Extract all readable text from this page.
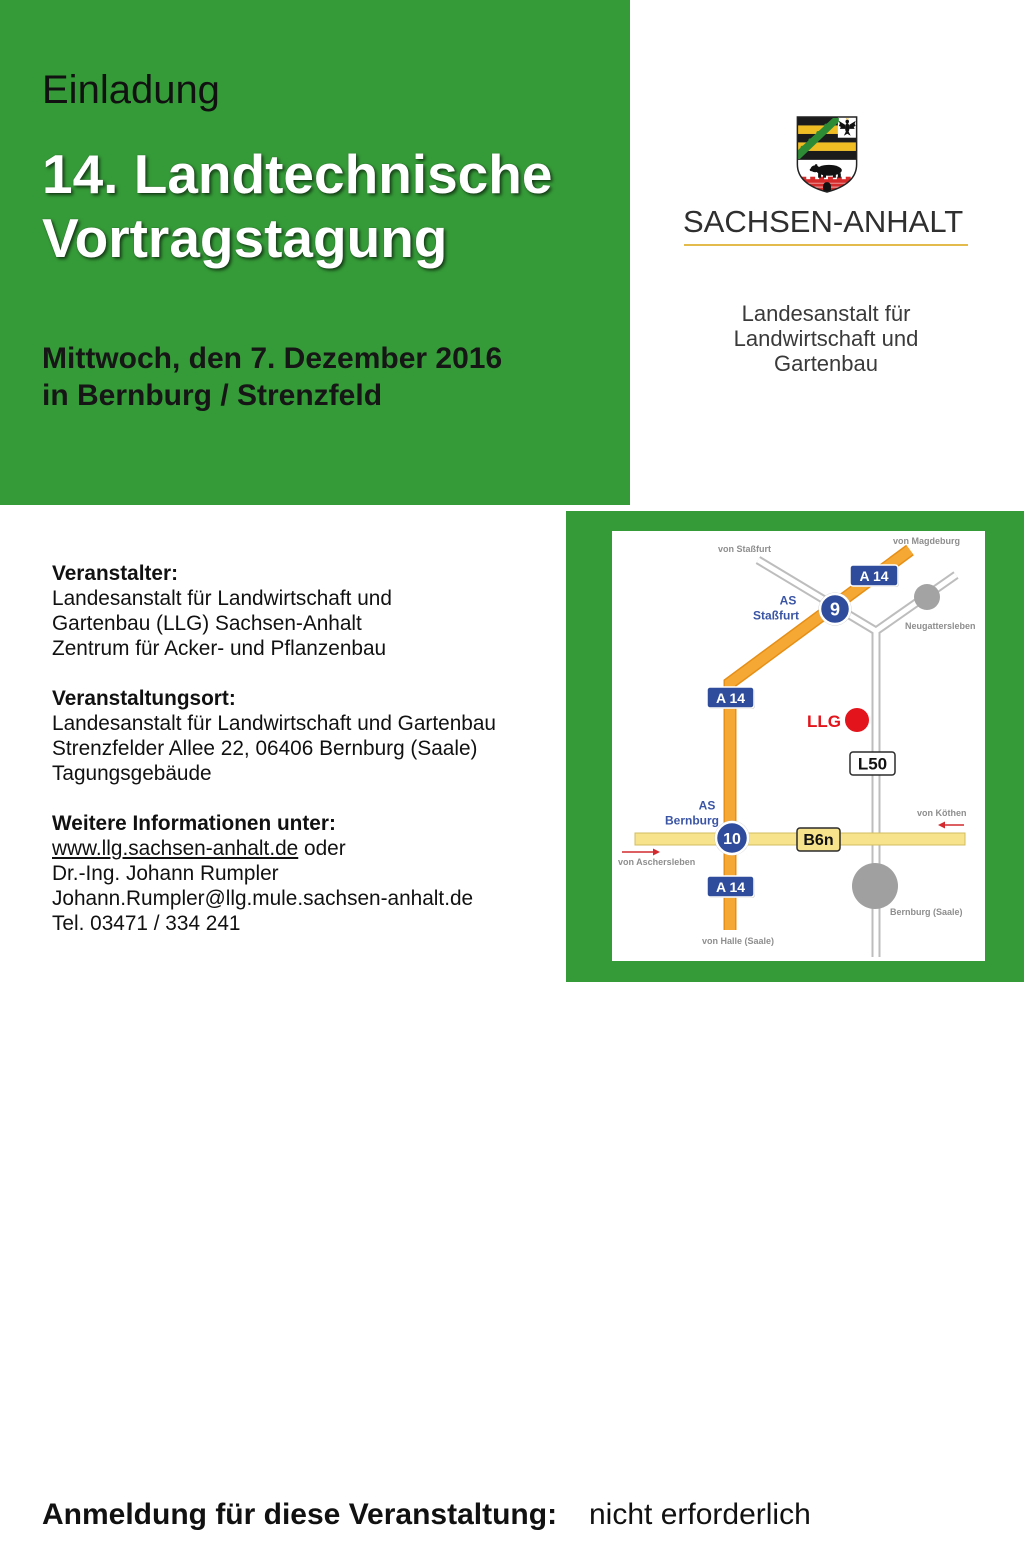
Einladung
14. Landtechnische
Vortragstagung
Mittwoch, den 7. Dezember 2016
in Bernburg / Strenzfeld
SACHSEN-ANHALT
Landesanstalt für
Landwirtschaft und
Gartenbau
Veranstalter:
Landesanstalt für Landwirtschaft und
Gartenbau (LLG) Sachsen-Anhalt
Zentrum für Acker- und Pflanzenbau
Veranstaltungsort:
Landesanstalt für Landwirtschaft und Gartenbau
Strenzfelder Allee 22, 06406 Bernburg (Saale)
Tagungsgebäude
Weitere Informationen unter:
www.llg.sachsen-anhalt.de oder
Dr.-Ing. Johann Rumpler
Johann.Rumpler@llg.mule.sachsen-anhalt.de
Tel. 03471 / 334 241
von Staßfurt
von Magdeburg
Neugattersleben
von Köthen
von Aschersleben
Bernburg (Saale)
von Halle (Saale)
AS
Staßfurt
AS
Bernburg
A 14
A 14
A 14
9
10
LLG
L50
B6n
Anmeldung für diese Veranstaltung: nicht erforderlich
